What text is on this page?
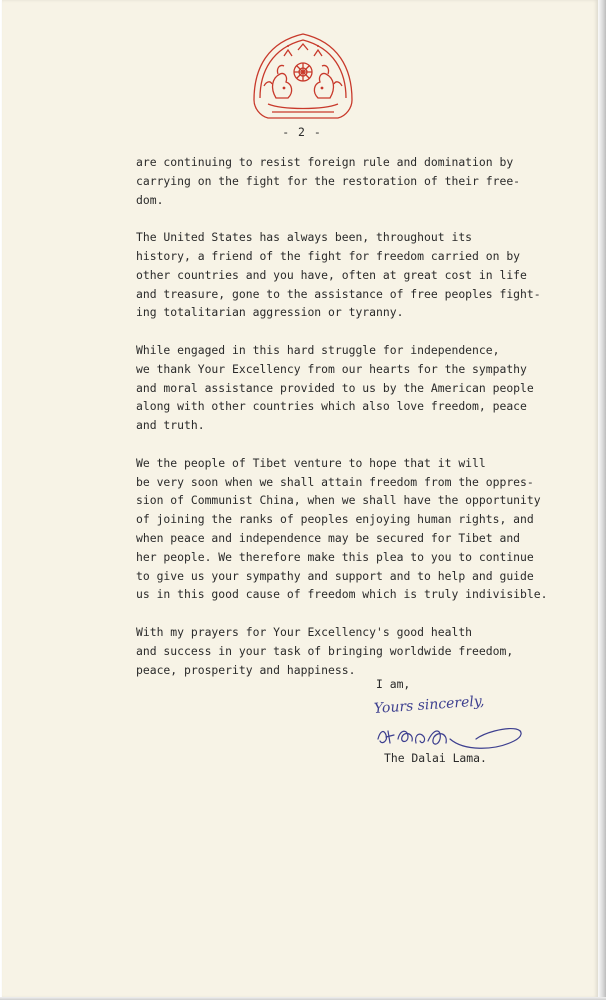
- 2 -

are continuing to resist foreign rule and domination by
carrying on the fight for the restoration of their free-
dom.

The United States has always been, throughout its
history, a friend of the fight for freedom carried on by
other countries and you have, often at great cost in life
and treasure, gone to the assistance of free peoples fight-
ing totalitarian aggression or tyranny.

While engaged in this hard struggle for independence,
we thank Your Excellency from our hearts for the sympathy
and moral assistance provided to us by the American people
along with other countries which also love freedom, peace
and truth.

We the people of Tibet venture to hope that it will
be very soon when we shall attain freedom from the oppres-
sion of Communist China, when we shall have the opportunity
of joining the ranks of peoples enjoying human rights, and
when peace and independence may be secured for Tibet and
her people. We therefore make this plea to you to continue
to give us your sympathy and support and to help and guide
us in this good cause of freedom which is truly indivisible.

With my prayers for Your Excellency's good health
and success in your task of bringing worldwide freedom,
peace, prosperity and happiness.

I am,
Yours sincerely,
The Dalai Lama.
